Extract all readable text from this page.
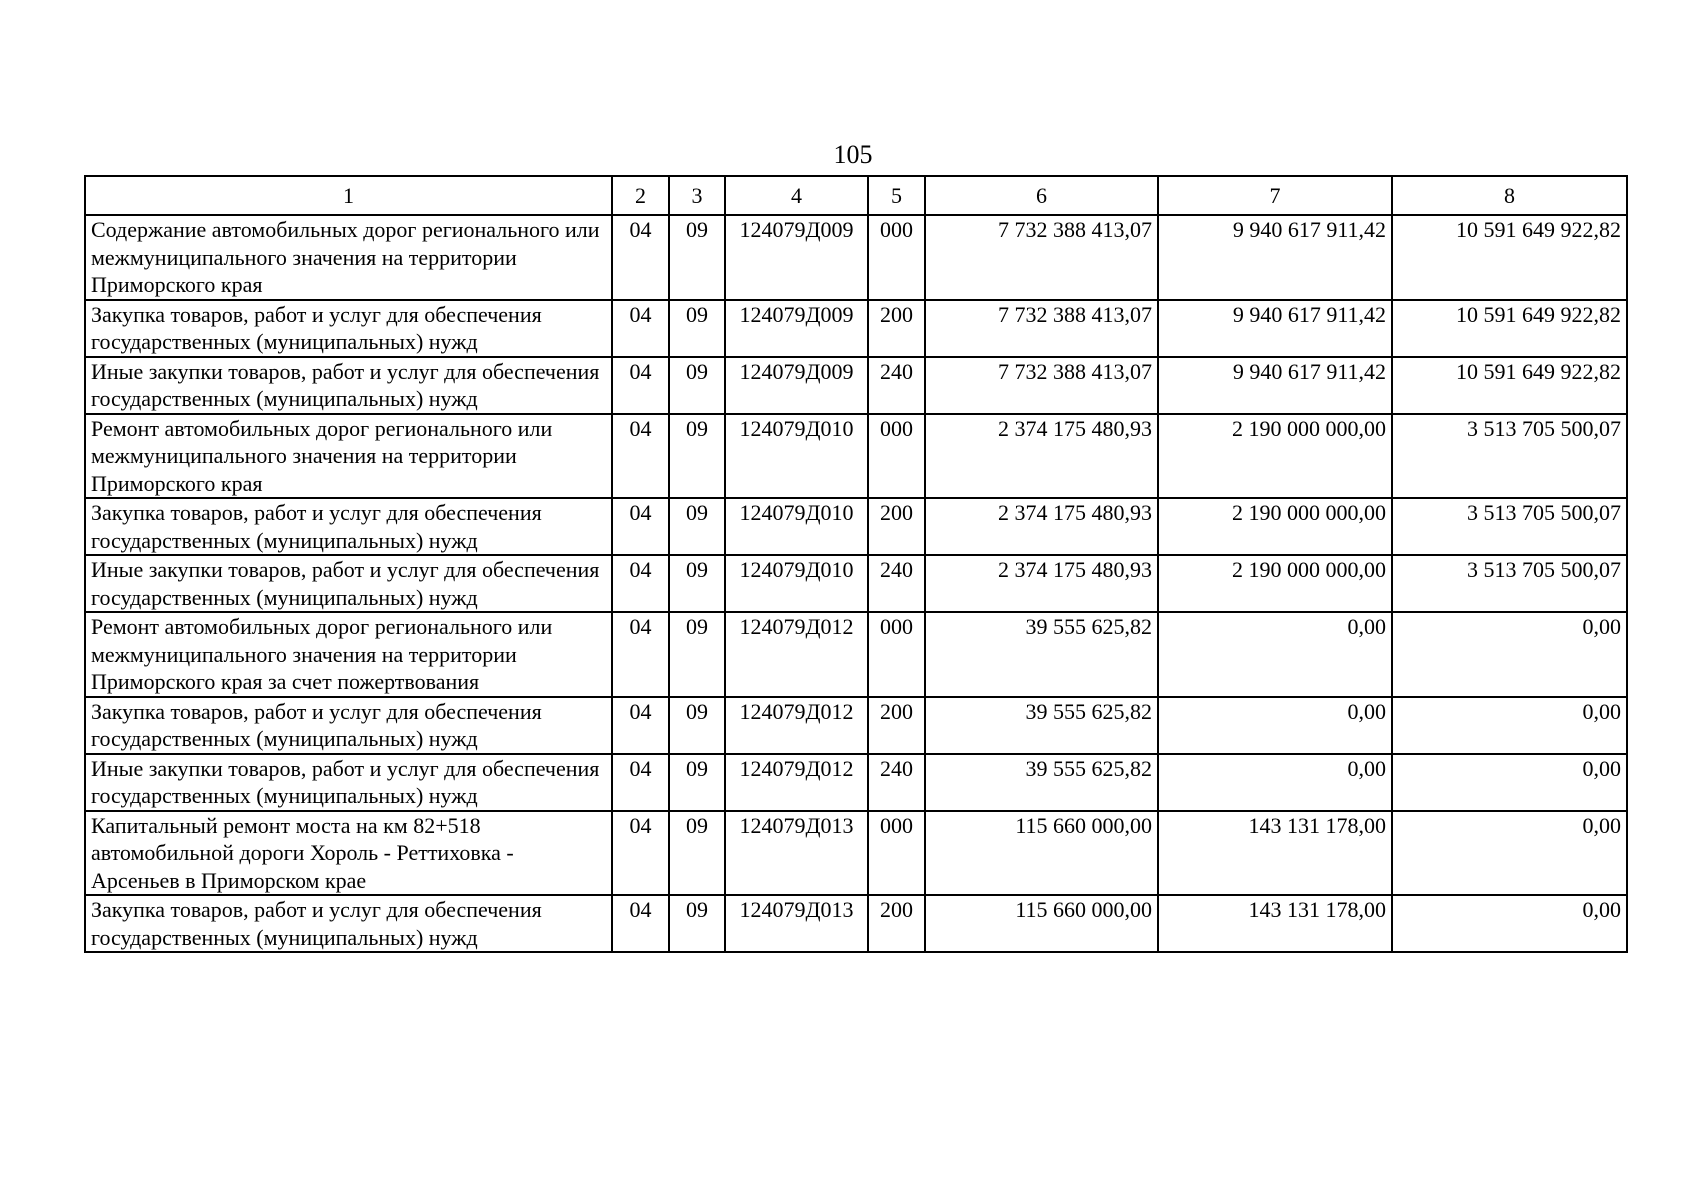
105
1	2	3	4	5	6	7	8
Содержание автомобильных дорог регионального или межмуниципального значения на территории Приморского края	04	09	124079Д009	000	7 732 388 413,07	9 940 617 911,42	10 591 649 922,82
Закупка товаров, работ и услуг для обеспечения государственных (муниципальных) нужд	04	09	124079Д009	200	7 732 388 413,07	9 940 617 911,42	10 591 649 922,82
Иные закупки товаров, работ и услуг для обеспечения государственных (муниципальных) нужд	04	09	124079Д009	240	7 732 388 413,07	9 940 617 911,42	10 591 649 922,82
Ремонт автомобильных дорог регионального или межмуниципального значения на территории Приморского края	04	09	124079Д010	000	2 374 175 480,93	2 190 000 000,00	3 513 705 500,07
Закупка товаров, работ и услуг для обеспечения государственных (муниципальных) нужд	04	09	124079Д010	200	2 374 175 480,93	2 190 000 000,00	3 513 705 500,07
Иные закупки товаров, работ и услуг для обеспечения государственных (муниципальных) нужд	04	09	124079Д010	240	2 374 175 480,93	2 190 000 000,00	3 513 705 500,07
Ремонт автомобильных дорог регионального или межмуниципального значения на территории Приморского края за счет пожертвования	04	09	124079Д012	000	39 555 625,82	0,00	0,00
Закупка товаров, работ и услуг для обеспечения государственных (муниципальных) нужд	04	09	124079Д012	200	39 555 625,82	0,00	0,00
Иные закупки товаров, работ и услуг для обеспечения государственных (муниципальных) нужд	04	09	124079Д012	240	39 555 625,82	0,00	0,00
Капитальный ремонт моста на км 82+518 автомобильной дороги Хороль - Реттиховка - Арсеньев в Приморском крае	04	09	124079Д013	000	115 660 000,00	143 131 178,00	0,00
Закупка товаров, работ и услуг для обеспечения государственных (муниципальных) нужд	04	09	124079Д013	200	115 660 000,00	143 131 178,00	0,00
